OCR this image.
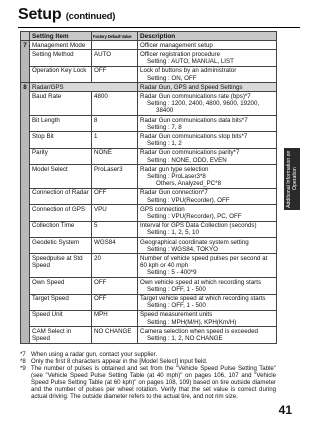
Setup (continued)
Additional Information on Operation
	Setting Item	Factory Default Value	Description
7	Management Mode		Officer management setup

	Setting Method	AUTO	Officer registration procedure
Setting : AUTO, MANUAL, LIST

	Operation Key Lock	OFF	Lock of buttons by an administrator
Setting : ON, OFF

8	Radar/GPS		Radar Gun, GPS and Speed Settings
	Baud Rate	4800	Radar Gun communications rate (bps)*7
Setting : 1200, 2400, 4800, 9600, 19200,
38400

	Bit Length	8	Radar Gun communications data bits*7
Setting : 7, 8

	Stop Bit	1	Radar Gun communications stop bits*7
Setting : 1, 2

	Parity	NONE	Radar Gun communications parity*7
Setting : NONE, ODD, EVEN

	Model Select	ProLaser3	Radar gun type selection
Setting : ProLaser3*8
Others, Analyzed_PC*8

	Connection of Radar	OFF	Radar Gun connection*7
Setting : VPU(Recorder), OFF

	Connection of GPS	VPU	GPS connection
Setting : VPU(Recorder), PC, OFF

	Collection Time	5	Interval for GPS Data Collection (seconds)
Setting : 1, 2, 5, 10

	Geodetic System	WGS84	Geographical coordinate system setting
Setting : WGS84, TOKYO

	Speedpulse at Std Speed	20	Number of vehicle speed pulses per second at 60 kph or 40 mph
Setting : 5 - 400*9

	Own Speed	OFF	Own vehicle speed at which recording starts
Setting : OFF, 1 - 500

	Target Speed	OFF	Target vehicle speed at which recording starts
Setting : OFF, 1 - 500

	Speed Unit	MPH	Speed measurement units
Setting : MPH(M/H), KPH(Km/H)

	CAM Select in Speed	NO CHANGE	Camera selection when speed is exceeded
Setting : 1, 2, NO CHANGE
*7 When using a radar gun, contact your supplier.
*8 Only the first 8 characters appear in the [Model Select] input field.
*9 The number of pulses is obtained and set from the "Vehicle Speed Pulse Setting Table" (see "Vehicle Speed Pulse Setting Table (at 40 mph)" on pages 106, 107 and "Vehicle Speed Pulse Setting Table (at 60 kph)" on pages 108, 109) based on tire outside diameter and the number of pulses per wheel rotation. Verify that the set value is correct during actual driving. The outside diameter refers to the actual tire, and not rim size.
41
